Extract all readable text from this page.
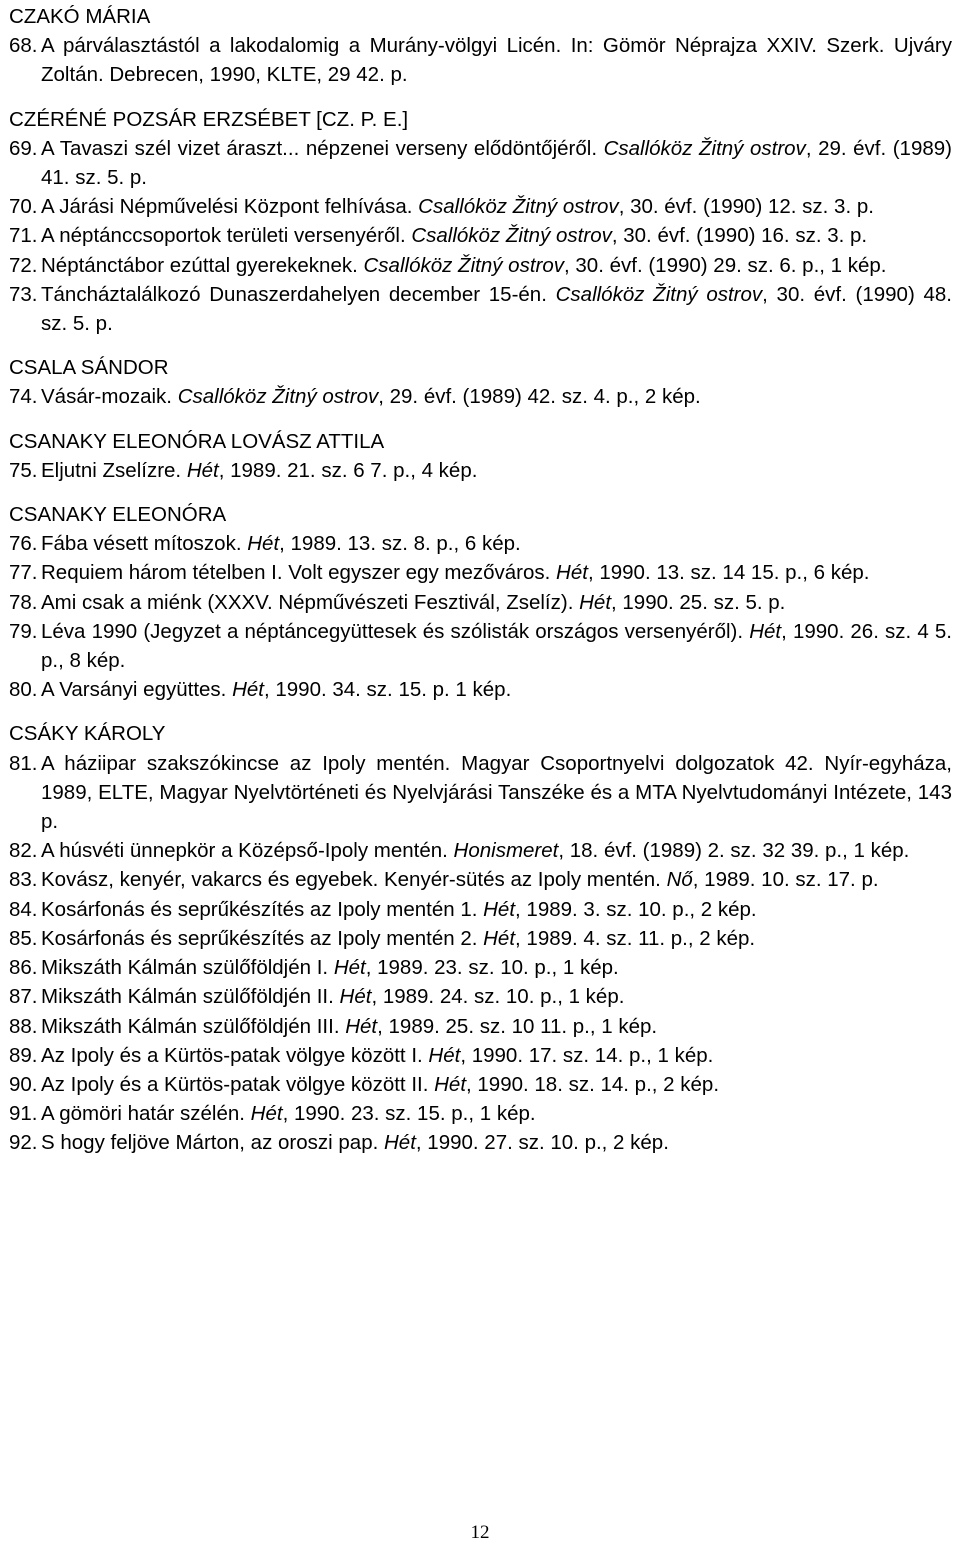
CZAKÓ MÁRIA
68. A párválasztástól a lakodalomig a Murány-völgyi Licén. In: Gömör Néprajza XXIV. Szerk. Ujváry Zoltán. Debrecen, 1990, KLTE, 29 42. p.
CZÉRÉNÉ POZSÁR ERZSÉBET [CZ. P. E.]
69. A Tavaszi szél vizet áraszt... népzenei verseny elődöntőjéről. Csallóköz Žitný ostrov, 29. évf. (1989) 41. sz. 5. p.
70. A Járási Népművelési Központ felhívása. Csallóköz Žitný ostrov, 30. évf. (1990) 12. sz. 3. p.
71. A néptánccsoportok területi versenyéről. Csallóköz Žitný ostrov, 30. évf. (1990) 16. sz. 3. p.
72. Néptánctábor ezúttal gyerekeknek. Csallóköz Žitný ostrov, 30. évf. (1990) 29. sz. 6. p., 1 kép.
73. Táncháztalálkozó Dunaszerdahelyen december 15-én. Csallóköz Žitný ostrov, 30. évf. (1990) 48. sz. 5. p.
CSALA SÁNDOR
74. Vásár-mozaik. Csallóköz Žitný ostrov, 29. évf. (1989) 42. sz. 4. p., 2 kép.
CSANAKY ELEONÓRA LOVÁSZ ATTILA
75. Eljutni Zselízre. Hét, 1989. 21. sz. 6 7. p., 4 kép.
CSANAKY ELEONÓRA
76. Fába vésett mítoszok. Hét, 1989. 13. sz. 8. p., 6 kép.
77. Requiem három tételben I. Volt egyszer egy mezőváros. Hét, 1990. 13. sz. 14 15. p., 6 kép.
78. Ami csak a miénk (XXXV. Népművészeti Fesztivál, Zselíz). Hét, 1990. 25. sz. 5. p.
79. Léva 1990 (Jegyzet a néptáncegyüttesek és szólisták országos versenyéről). Hét, 1990. 26. sz. 4 5. p., 8 kép.
80. A Varsányi együttes. Hét, 1990. 34. sz. 15. p. 1 kép.
CSÁKY KÁROLY
81. A háziipar szakszókincse az Ipoly mentén. Magyar Csoportnyelvi dolgozatok 42. Nyír-egyháza, 1989, ELTE, Magyar Nyelvtörténeti és Nyelvjárási Tanszéke és a MTA Nyelvtudományi Intézete, 143 p.
82. A húsvéti ünnepkör a Középső-Ipoly mentén. Honismeret, 18. évf. (1989) 2. sz. 32 39. p., 1 kép.
83. Kovász, kenyér, vakarcs és egyebek. Kenyér-sütés az Ipoly mentén. Nő, 1989. 10. sz. 17. p.
84. Kosárfonás és seprűkészítés az Ipoly mentén 1. Hét, 1989. 3. sz. 10. p., 2 kép.
85. Kosárfonás és seprűkészítés az Ipoly mentén 2. Hét, 1989. 4. sz. 11. p., 2 kép.
86. Mikszáth Kálmán szülőföldjén I. Hét, 1989. 23. sz. 10. p., 1 kép.
87. Mikszáth Kálmán szülőföldjén II. Hét, 1989. 24. sz. 10. p., 1 kép.
88. Mikszáth Kálmán szülőföldjén III. Hét, 1989. 25. sz. 10 11. p., 1 kép.
89. Az Ipoly és a Kürtös-patak völgye között I. Hét, 1990. 17. sz. 14. p., 1 kép.
90. Az Ipoly és a Kürtös-patak völgye között II. Hét, 1990. 18. sz. 14. p., 2 kép.
91. A gömöri határ szélén. Hét, 1990. 23. sz. 15. p., 1 kép.
92. S hogy feljöve Márton, az oroszi pap. Hét, 1990. 27. sz. 10. p., 2 kép.
12
